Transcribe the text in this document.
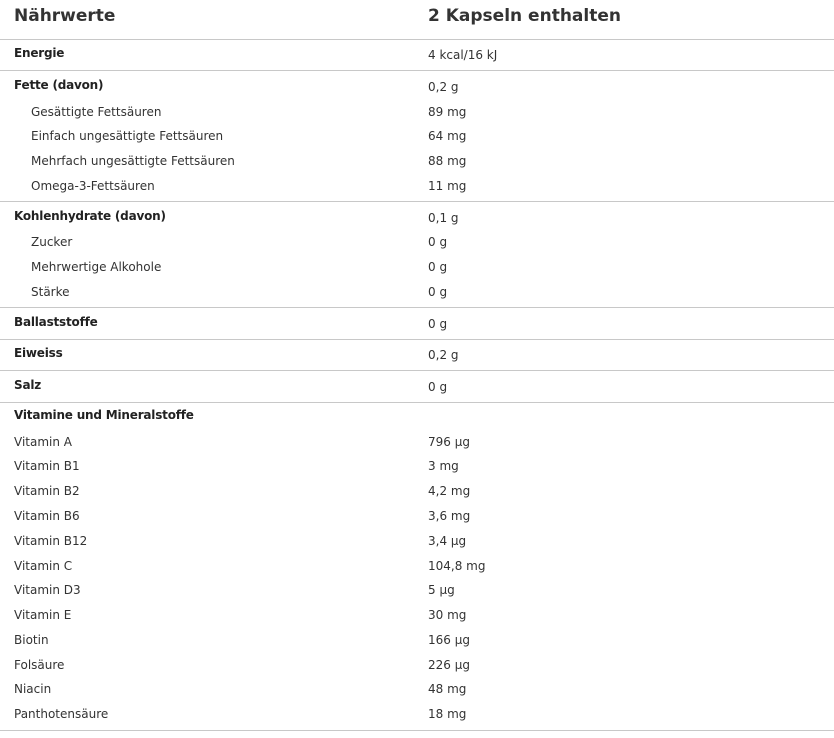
Nährwerte	2 Kapseln enthalten
Energie	4 kcal/16 kJ
Fette (davon)	0,2 g
Gesättigte Fettsäuren	89 mg
Einfach ungesättigte Fettsäuren	64 mg
Mehrfach ungesättigte Fettsäuren	88 mg
Omega-3-Fettsäuren	11 mg
Kohlenhydrate (davon)	0,1 g
Zucker	0 g
Mehrwertige Alkohole	0 g
Stärke	0 g
Ballaststoffe	0 g
Eiweiss	0,2 g
Salz	0 g
Vitamine und Mineralstoffe
Vitamin A	796 µg
Vitamin B1	3 mg
Vitamin B2	4,2 mg
Vitamin B6	3,6 mg
Vitamin B12	3,4 µg
Vitamin C	104,8 mg
Vitamin D3	5 µg
Vitamin E	30 mg
Biotin	166 µg
Folsäure	226 µg
Niacin	48 mg
Panthotensäure	18 mg
